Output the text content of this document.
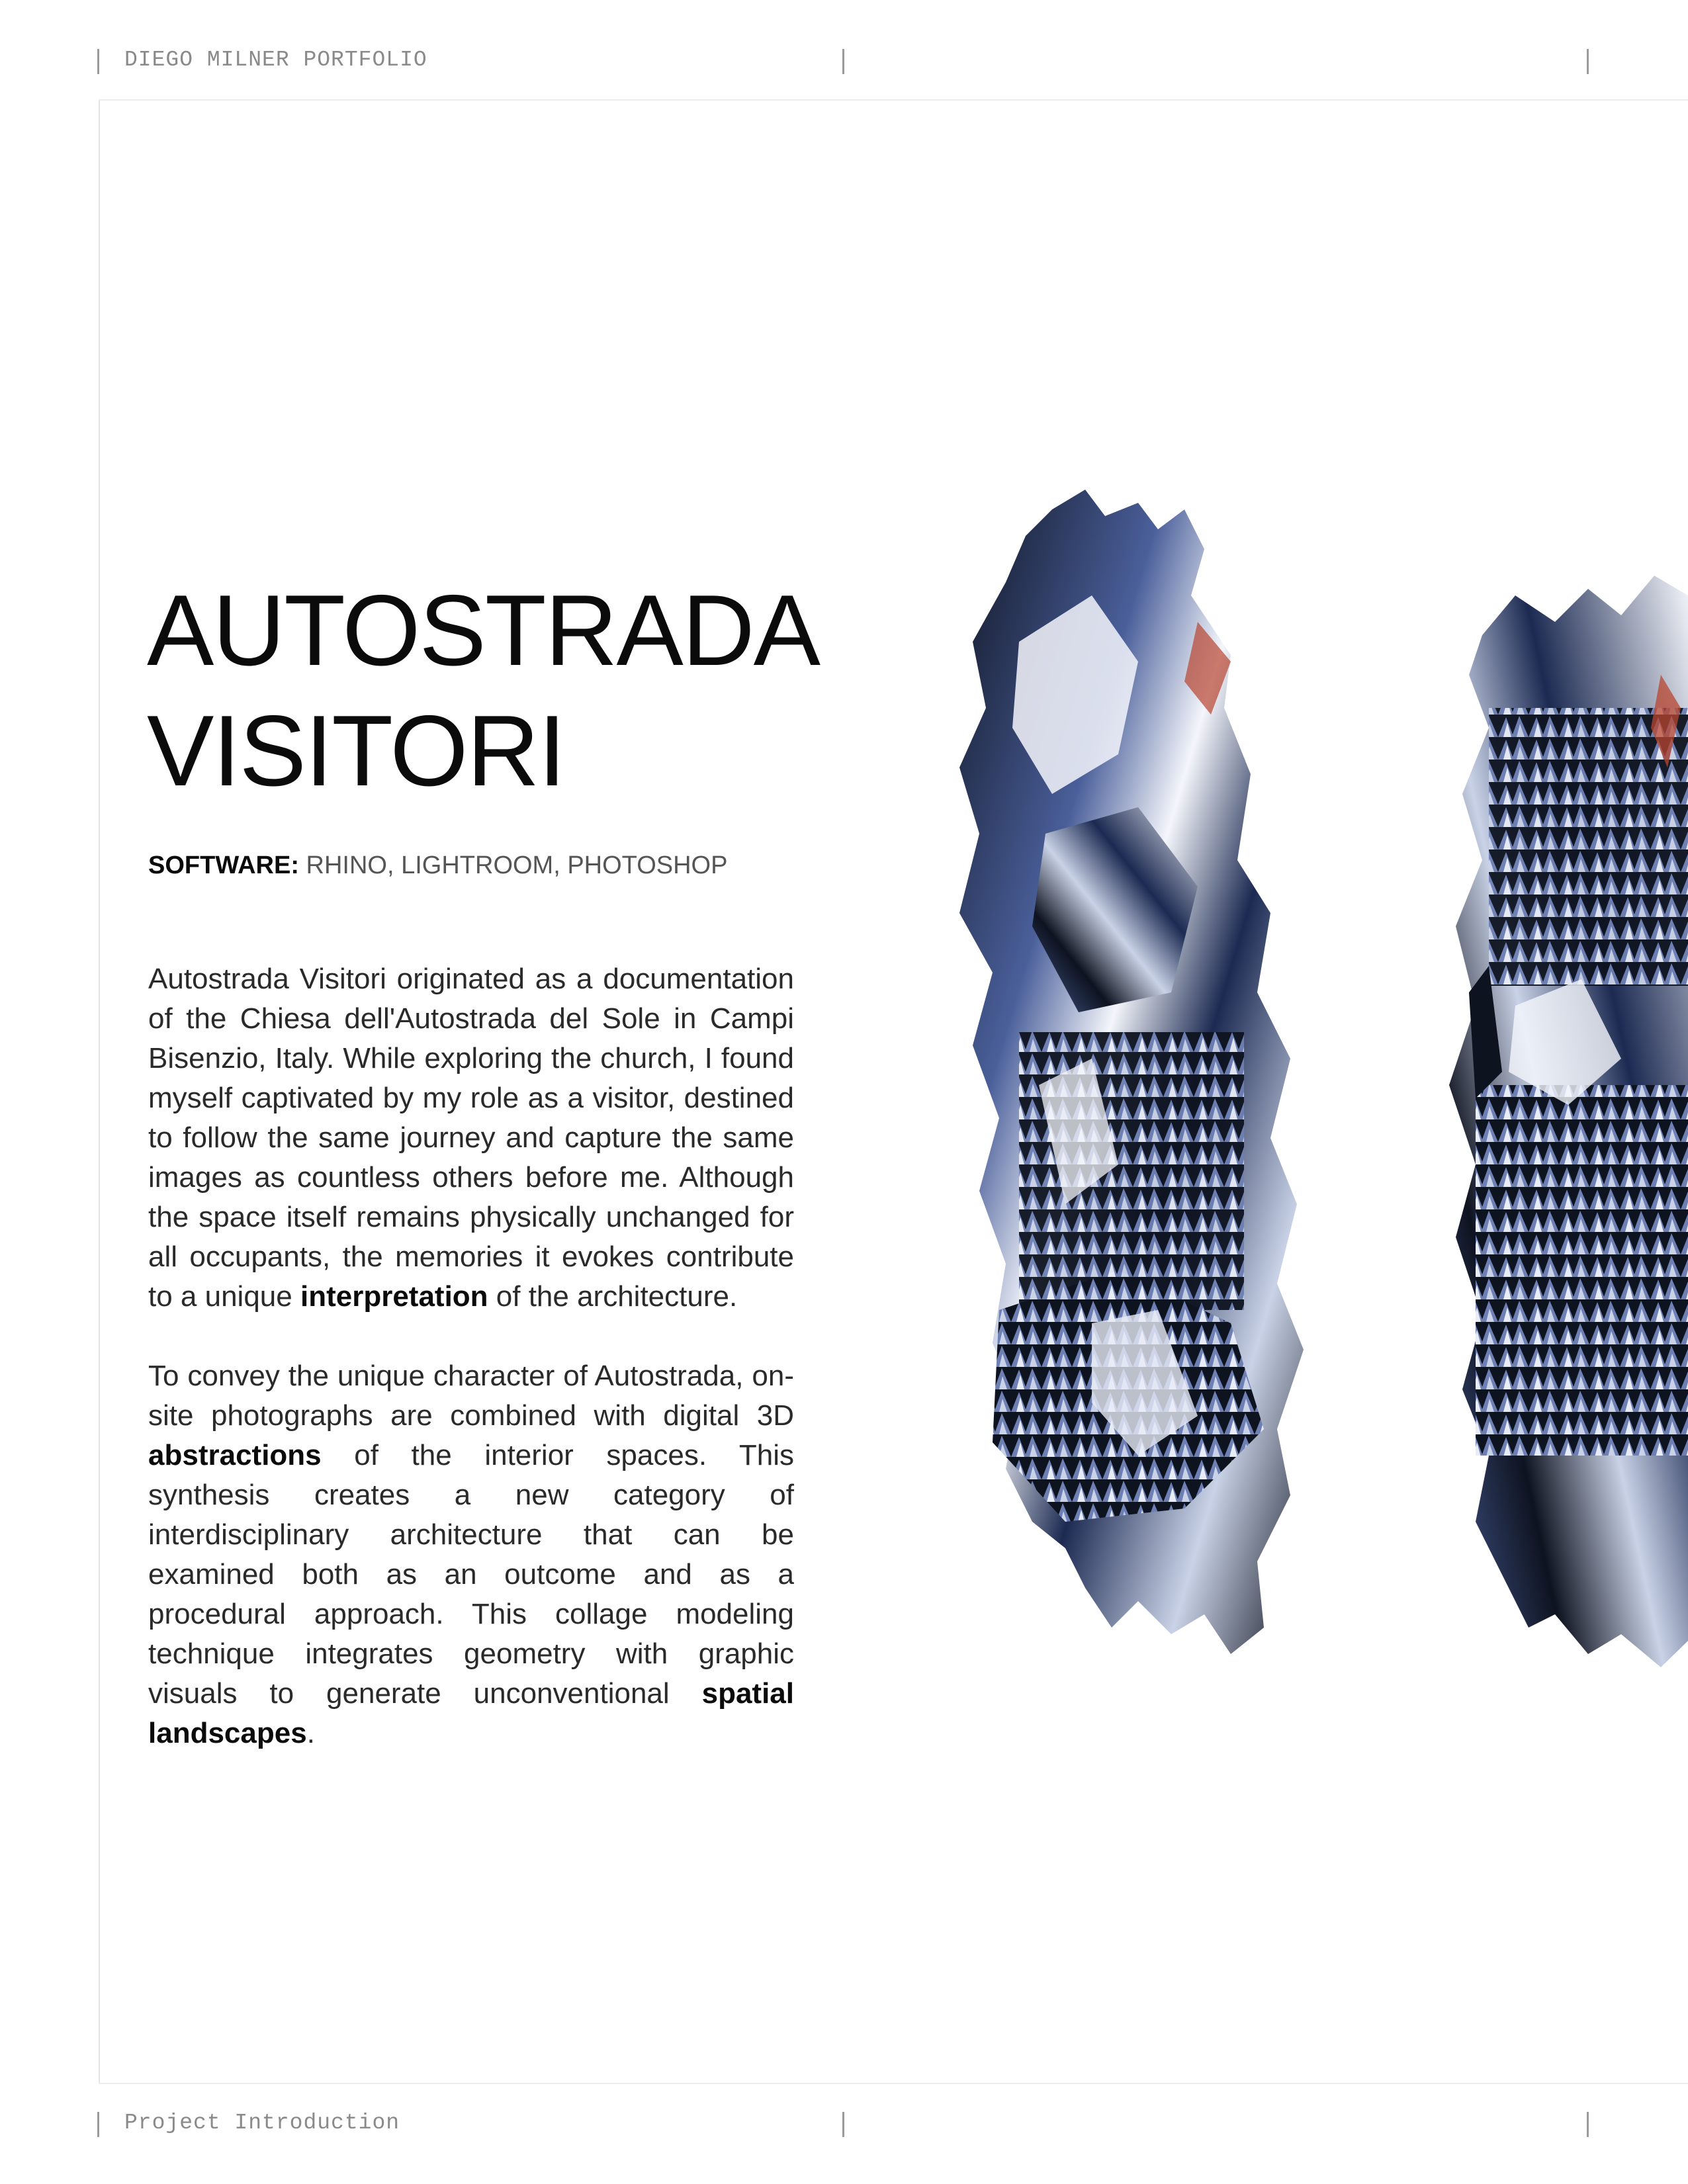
DIEGO MILNER PORTFOLIO
AUTOSTRADA
VISITORI
SOFTWARE: RHINO, LIGHTROOM, PHOTOSHOP

Autostrada Visitori originated as a documentation of the Chiesa dell'Autostrada del Sole in Campi Bisenzio, Italy. While exploring the church, I found myself captivated by my role as a visitor, destined to follow the same journey and capture the same images as countless others before me. Although the space itself remains physically unchanged for all occupants, the memories it evokes contribute to a unique interpretation of the architecture.

To convey the unique character of Autostrada, on-site photographs are combined with digital 3D abstractions of the interior spaces. This synthesis creates a new category of interdisciplinary architecture that can be examined both as an outcome and as a procedural approach. This collage modeling technique integrates geometry with graphic visuals to generate unconventional spatial landscapes.

Project Introduction
